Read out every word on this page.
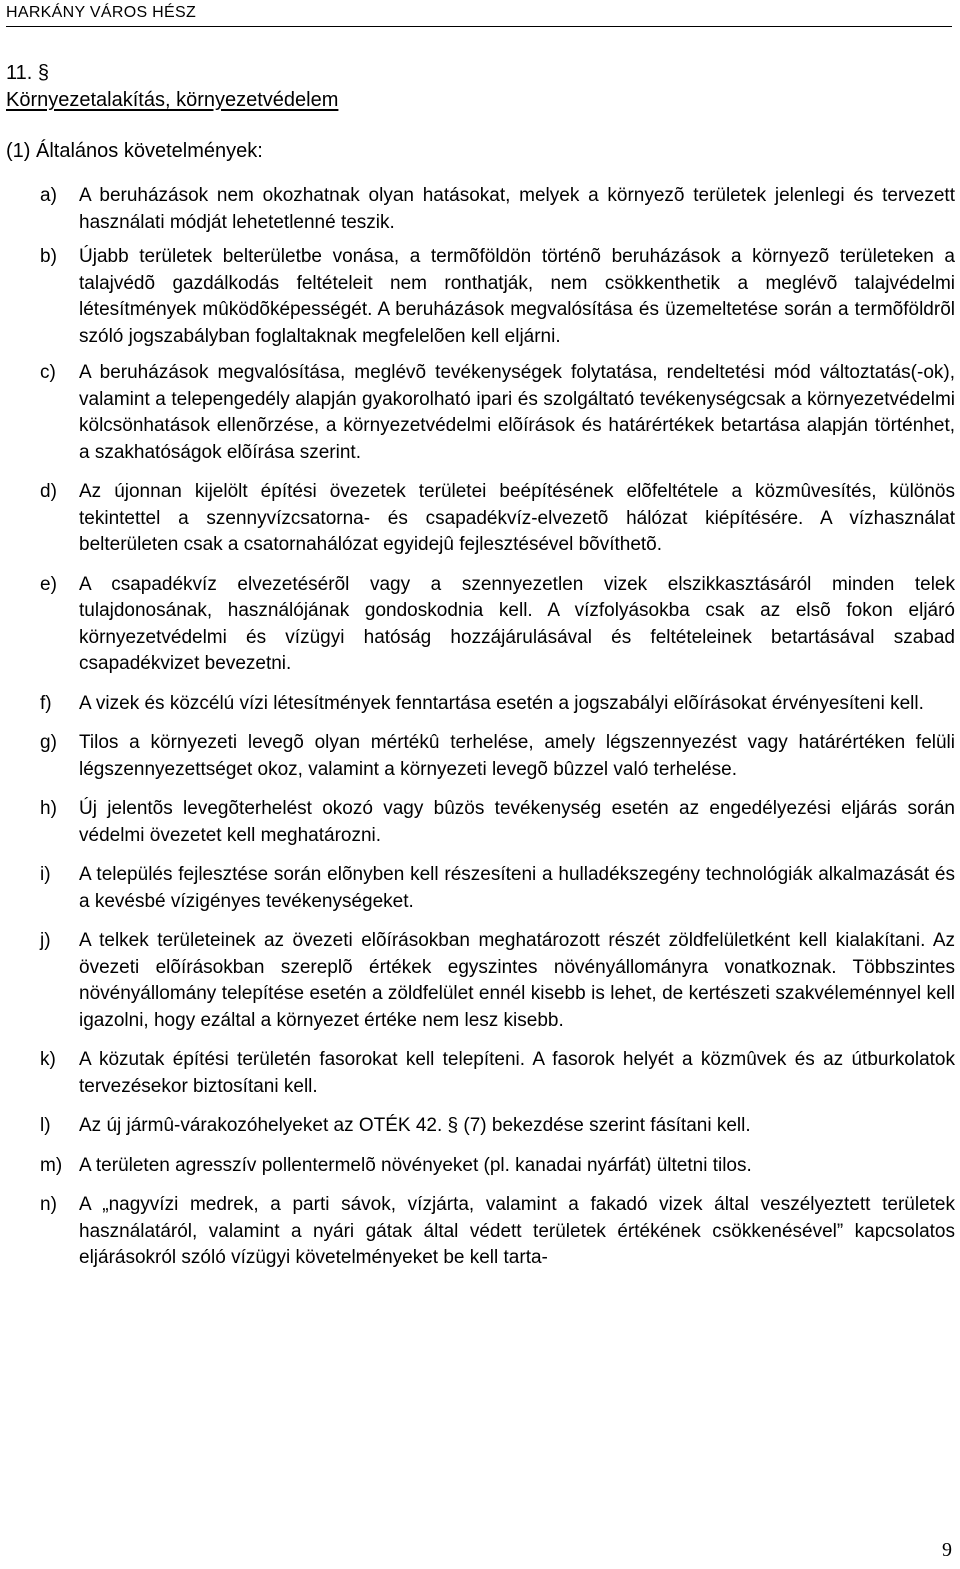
HARKÁNY VÁROS HÉSZ
11. §
Környezetalakítás, környezetvédelem
(1) Általános követelmények:
a)	A beruházások nem okozhatnak olyan hatásokat, melyek a környezõ területek jelenlegi és tervezett használati módját lehetetlenné teszik.
b)	Újabb területek belterületbe vonása, a termõföldön történõ beruházások a környezõ területeken a talajvédõ gazdálkodás feltételeit nem ronthatják, nem csökkenthetik a meglévõ talajvédelmi létesítmények mûködõképességét. A beruházások megvalósítása és üzemeltetése során a termõföldrõl szóló jogszabályban foglaltaknak megfelelõen kell eljárni.
c)	A beruházások megvalósítása, meglévõ tevékenységek folytatása, rendeltetési mód változtatás(-ok), valamint a telepengedély alapján gyakorolható ipari és szolgáltató tevékenységcsak a környezetvédelmi kölcsönhatások ellenõrzése, a környezetvédelmi elõírások és határértékek betartása alapján történhet, a szakhatóságok elõírása szerint.
d)	Az újonnan kijelölt építési övezetek területei beépítésének elõfeltétele a közmûvesítés, különös tekintettel a szennyvízcsatorna- és csapadékvíz-elvezetõ hálózat kiépítésére. A vízhasználat belterületen csak a csatornahálózat egyidejû fejlesztésével bõvíthetõ.
e)	A csapadékvíz elvezetésérõl vagy a szennyezetlen vizek elszikkasztásáról minden telek tulajdonosának, használójának gondoskodnia kell. A vízfolyásokba csak az elsõ fokon eljáró környezetvédelmi és vízügyi hatóság hozzájárulásával és feltételeinek betartásával szabad csapadékvizet bevezetni.
f)	A vizek és közcélú vízi létesítmények fenntartása esetén a jogszabályi elõírásokat érvényesíteni kell.
g)	Tilos a környezeti levegõ olyan mértékû terhelése, amely légszennyezést vagy határértéken felüli légszennyezettséget okoz, valamint a környezeti levegõ bûzzel való terhelése.
h)	Új jelentõs levegõterhelést okozó vagy bûzös tevékenység esetén az engedélyezési eljárás során védelmi övezetet kell meghatározni.
i)	A település fejlesztése során elõnyben kell részesíteni a hulladékszegény technológiák alkalmazását és a kevésbé vízigényes tevékenységeket.
j)	A telkek területeinek az övezeti elõírásokban meghatározott részét zöldfelületként kell kialakítani. Az övezeti elõírásokban szereplõ értékek egyszintes növényállományra vonatkoznak. Többszintes növényállomány telepítése esetén a zöldfelület ennél kisebb is lehet, de kertészeti szakvéleménnyel kell igazolni, hogy ezáltal a környezet értéke nem lesz kisebb.
k)	A közutak építési területén fasorokat kell telepíteni. A fasorok helyét a közmûvek és az útburkolatok tervezésekor biztosítani kell.
l)	Az új jármû-várakozóhelyeket az OTÉK 42. § (7) bekezdése szerint fásítani kell.
m) A területen agresszív pollentermelõ növényeket (pl. kanadai nyárfát) ültetni tilos.
n)	A „nagyvízi medrek, a parti sávok, vízjárta, valamint a fakadó vizek által veszélyeztett területek használatáról, valamint a nyári gátak által védett területek értékének csökkenésével” kapcsolatos eljárásokról szóló vízügyi követelményeket be kell tarta-
9
